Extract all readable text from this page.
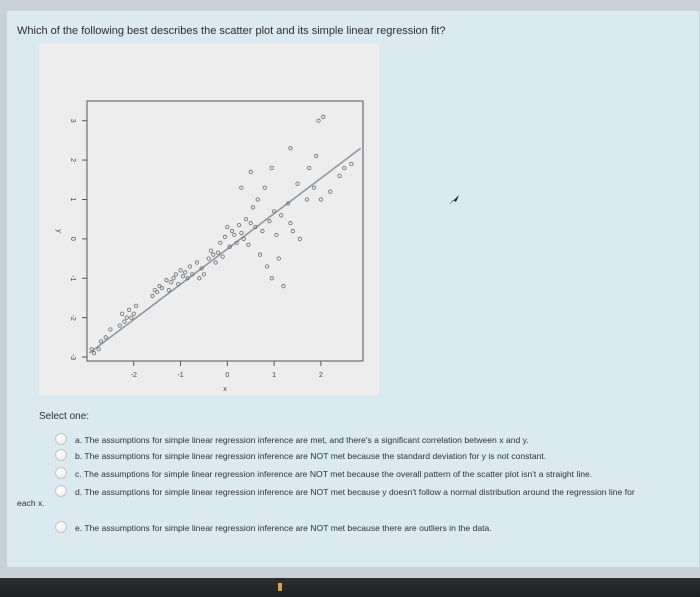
Which of the following best describes the scatter plot and its simple linear regression fit?
-2	-1	0	1	2
-3
-2
-1
0
1
2
3
x
y
Select one:
a. The assumptions for simple linear regression inference are met, and there's a significant correlation between x and y.
b. The assumptions for simple linear regression inference are NOT met because the standard deviation for y is not constant.
c. The assumptions for simple linear regression inference are NOT met because the overall pattern of the scatter plot isn't a straight line.
d. The assumptions for simple linear regression inference are NOT met because y doesn't follow a normal distribution around the regression line for each x.
e. The assumptions for simple linear regression inference are NOT met because there are outliers in the data.
